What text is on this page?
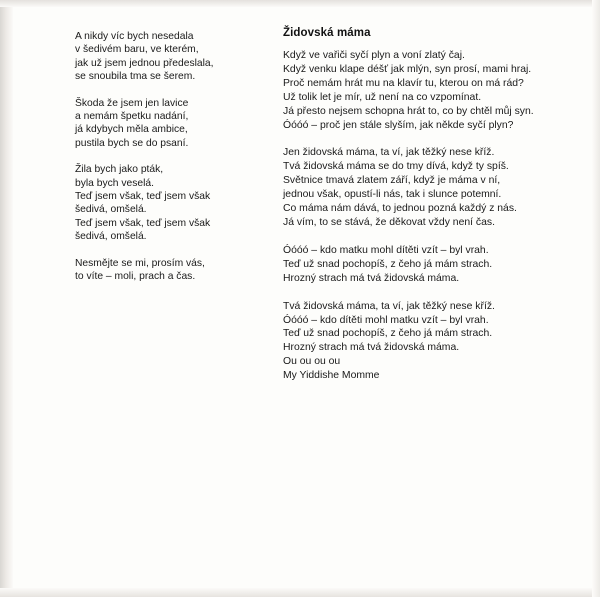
A nikdy víc bych nesedala
v šedivém baru, ve kterém,
jak už jsem jednou předeslala,
se snoubila tma se šerem.
Škoda že jsem jen lavice
a nemám špetku nadání,
já kdybych měla ambice,
pustila bych se do psaní.
Žila bych jako pták,
byla bych veselá.
Teď jsem však, teď jsem však
šedivá, omšelá.
Teď jsem však, teď jsem však
šedivá, omšelá.
Nesmějte se mi, prosím vás,
to víte – moli, prach a čas.
Židovská máma
Když ve vařiči syčí plyn a voní zlatý čaj.
Když venku klape déšť jak mlýn, syn prosí, mami hraj.
Proč nemám hrát mu na klavír tu, kterou on má rád?
Už tolik let je mír, už není na co vzpomínat.
Já přesto nejsem schopna hrát to, co by chtěl můj syn.
Óóóó – proč jen stále slyším, jak někde syčí plyn?
Jen židovská máma, ta ví, jak těžký nese kříž.
Tvá židovská máma se do tmy dívá, když ty spíš.
Světnice tmavá zlatem září, když je máma v ní,
jednou však, opustí-li nás, tak i slunce potemní.
Co máma nám dává, to jednou pozná každý z nás.
Já vím, to se stává, že děkovat vždy není čas.
Óóóó – kdo matku mohl dítěti vzít – byl vrah.
Teď už snad pochopíš, z čeho já mám strach.
Hrozný strach má tvá židovská máma.
Tvá židovská máma, ta ví, jak těžký nese kříž.
Óóóó – kdo dítěti mohl matku vzít – byl vrah.
Teď už snad pochopíš, z čeho já mám strach.
Hrozný strach má tvá židovská máma.
Ou ou ou ou
My Yiddishe Momme
